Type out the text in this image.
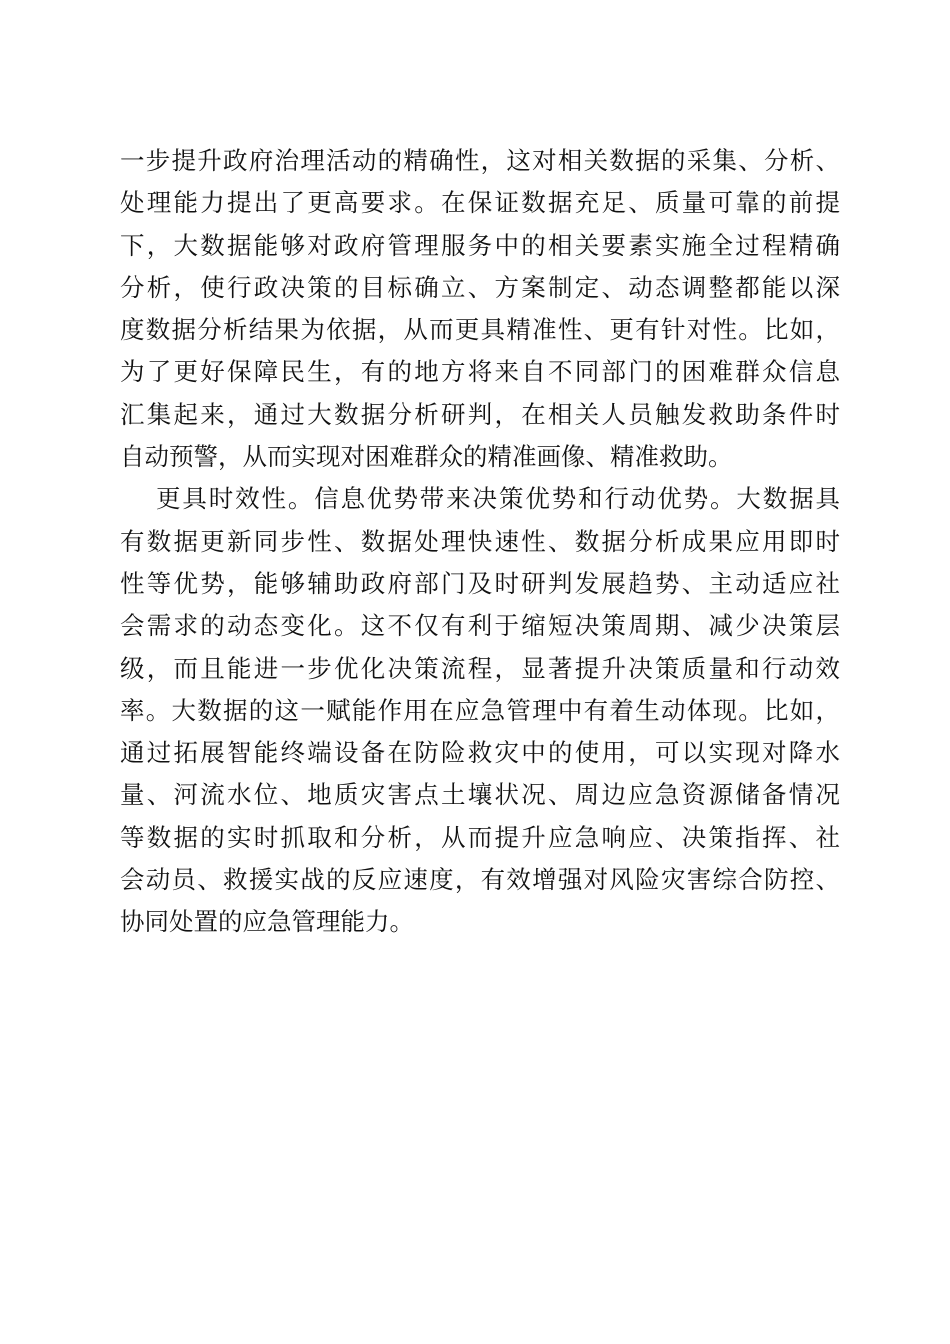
一步提升政府治理活动的精确性，这对相关数据的采集、分析、
处理能力提出了更高要求。在保证数据充足、质量可靠的前提
下，大数据能够对政府管理服务中的相关要素实施全过程精确
分析，使行政决策的目标确立、方案制定、动态调整都能以深
度数据分析结果为依据，从而更具精准性、更有针对性。比如，
为了更好保障民生，有的地方将来自不同部门的困难群众信息
汇集起来，通过大数据分析研判，在相关人员触发救助条件时
自动预警，从而实现对困难群众的精准画像、精准救助。
更具时效性。信息优势带来决策优势和行动优势。大数据具
有数据更新同步性、数据处理快速性、数据分析成果应用即时
性等优势，能够辅助政府部门及时研判发展趋势、主动适应社
会需求的动态变化。这不仅有利于缩短决策周期、减少决策层
级，而且能进一步优化决策流程，显著提升决策质量和行动效
率。大数据的这一赋能作用在应急管理中有着生动体现。比如，
通过拓展智能终端设备在防险救灾中的使用，可以实现对降水
量、河流水位、地质灾害点土壤状况、周边应急资源储备情况
等数据的实时抓取和分析，从而提升应急响应、决策指挥、社
会动员、救援实战的反应速度，有效增强对风险灾害综合防控、
协同处置的应急管理能力。
